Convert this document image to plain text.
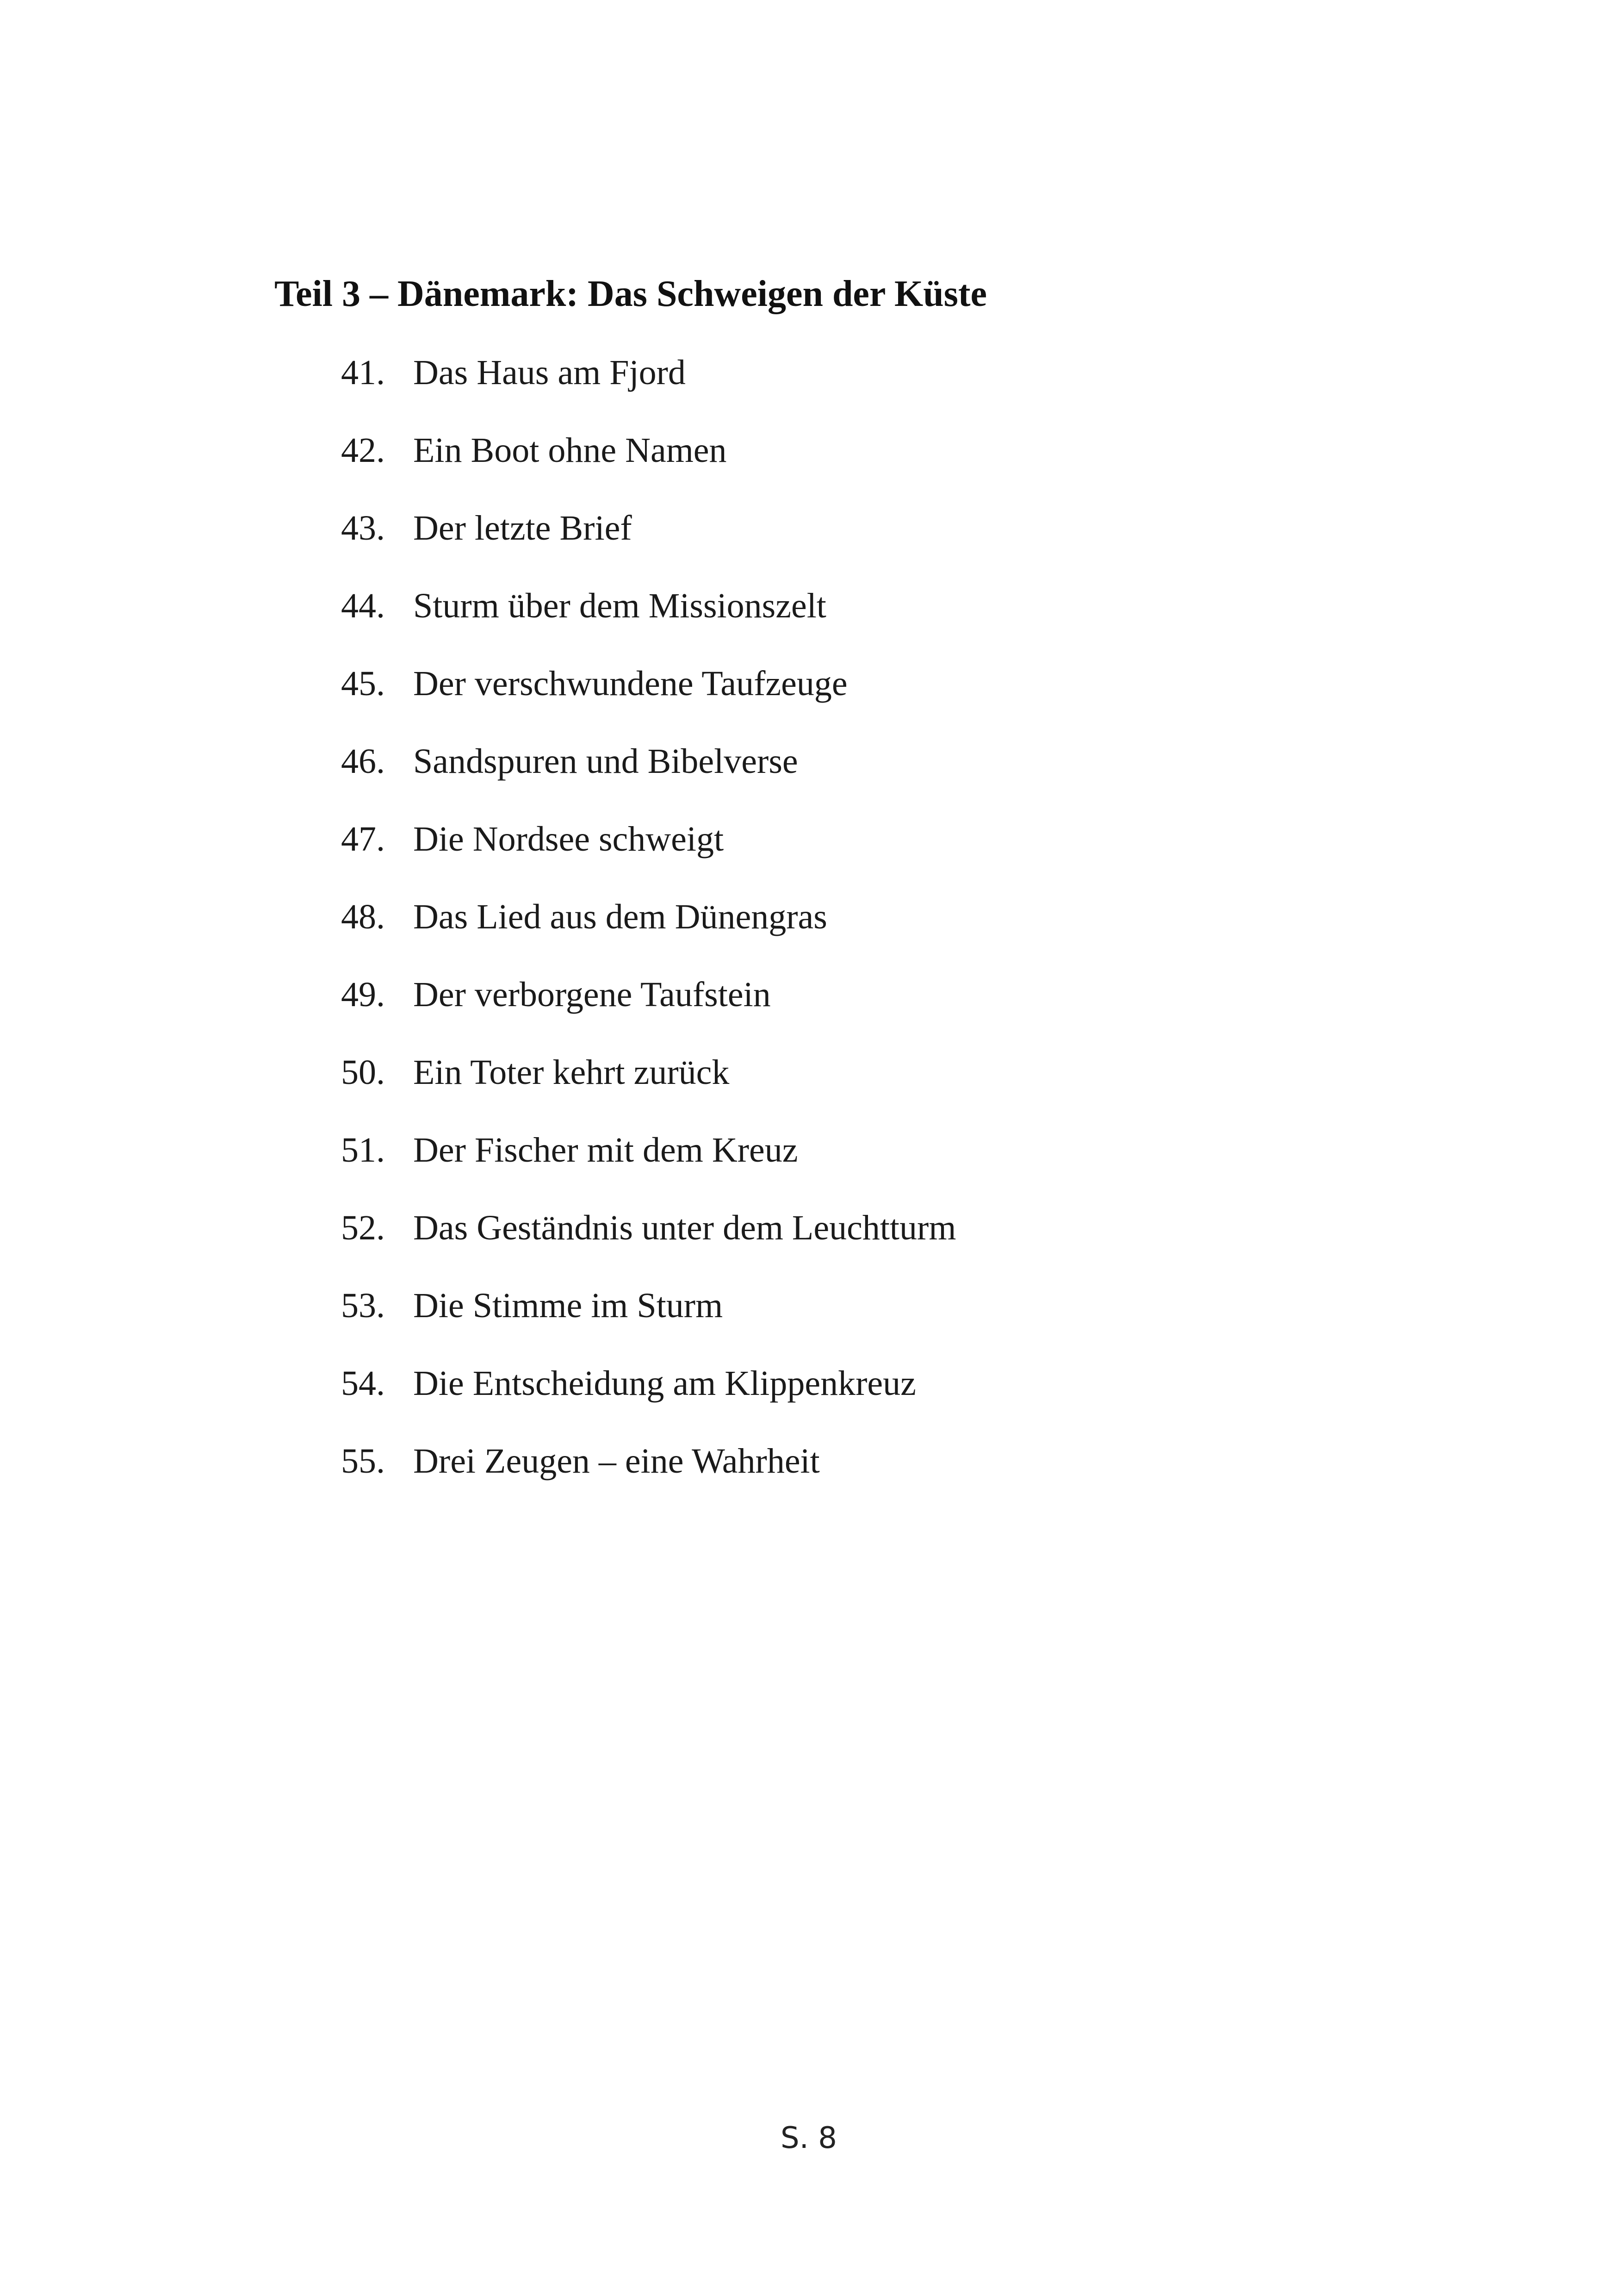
Teil 3 – Dänemark: Das Schweigen der Küste
41. Das Haus am Fjord
42. Ein Boot ohne Namen
43. Der letzte Brief
44. Sturm über dem Missionszelt
45. Der verschwundene Taufzeuge
46. Sandspuren und Bibelverse
47. Die Nordsee schweigt
48. Das Lied aus dem Dünengras
49. Der verborgene Taufstein
50. Ein Toter kehrt zurück
51. Der Fischer mit dem Kreuz
52. Das Geständnis unter dem Leuchtturm
53. Die Stimme im Sturm
54. Die Entscheidung am Klippenkreuz
55. Drei Zeugen – eine Wahrheit
S. 8
